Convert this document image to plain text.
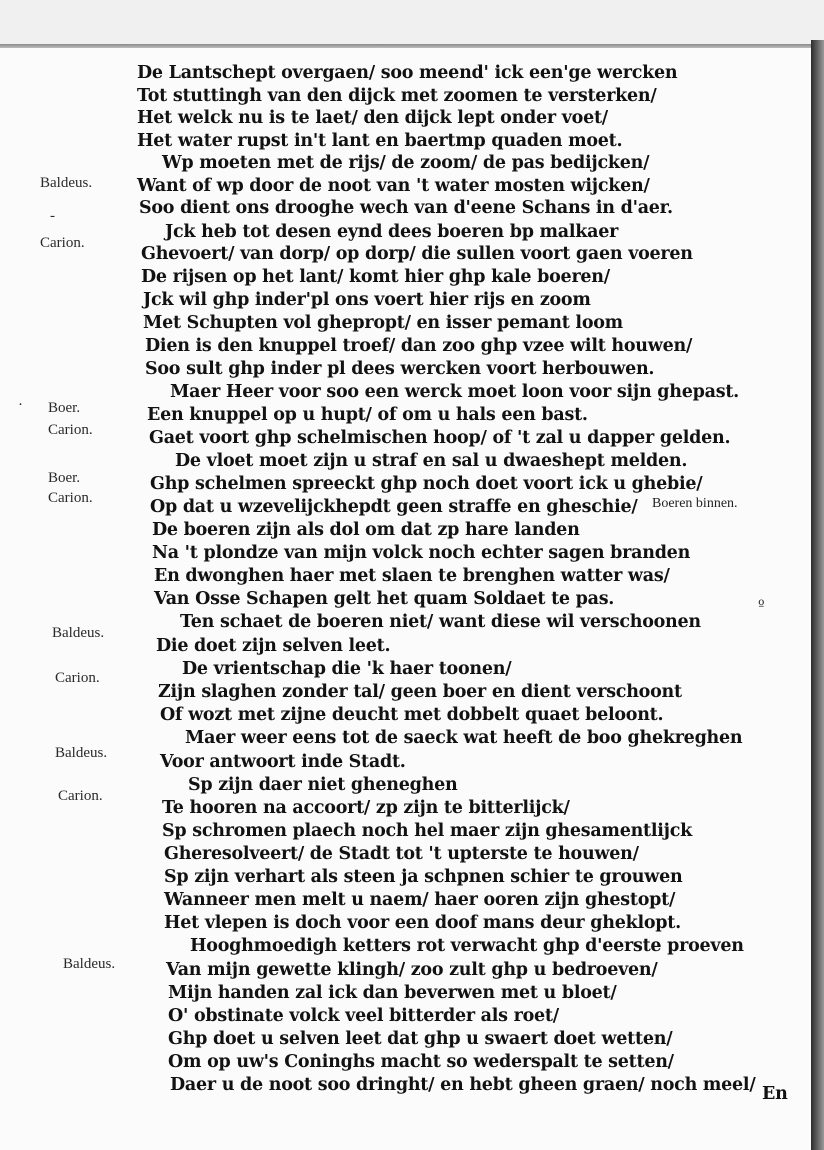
Baldeus.
-
Carion.
· Boer.
Carion.
Boer.
Carion.
Baldeus.
Carion.
Baldeus.
Carion.
Baldeus.
De Lantschept overgaen/ soo meend' ick een'ge wercken
Tot stuttingh van den dijck met zoomen te versterken/
Het welck nu is te laet/ den dijck lept onder voet/
Het water rupst in't lant en baertmp quaden moet.
Wp moeten met de rijs/ de zoom/ de pas bedijcken/
Want of wp door de noot van 't water mosten wijcken/
Soo dient ons drooghe wech van d'eene Schans in d'aer.
Jck heb tot desen eynd dees boeren bp malkaer
Ghevoert/ van dorp/ op dorp/ die sullen voort gaen voeren
De rijsen op het lant/ komt hier ghp kale boeren/
Jck wil ghp inder'pl ons voert hier rijs en zoom
Met Schupten vol ghepropt/ en isser pemant loom
Dien is den knuppel troef/ dan zoo ghp vzee wilt houwen/
Soo sult ghp inder pl dees wercken voort herbouwen.
Maer Heer voor soo een werck moet loon voor sijn ghepast.
Een knuppel op u hupt/ of om u hals een bast.
Gaet voort ghp schelmischen hoop/ of 't zal u dapper gelden.
De vloet moet zijn u straf en sal u dwaeshept melden.
Ghp schelmen spreeckt ghp noch doet voort ick u ghebie/
Op dat u wzevelijckhepdt geen straffe en gheschie/ Boeren binnen.
De boeren zijn als dol om dat zp hare landen
Na 't plondze van mijn volck noch echter sagen branden
En dwonghen haer met slaen te brenghen watter was/
Van Osse Schapen gelt het quam Soldaet te pas.	º
Ten schaet de boeren niet/ want diese wil verschoonen
Die doet zijn selven leet.
De vrientschap die 'k haer toonen/
Zijn slaghen zonder tal/ geen boer en dient verschoont
Of wozt met zijne deucht met dobbelt quaet beloont.
Maer weer eens tot de saeck wat heeft de boo ghekreghen
Voor antwoort inde Stadt.
Sp zijn daer niet gheneghen
Te hooren na accoort/ zp zijn te bitterlijck/
Sp schromen plaech noch hel maer zijn ghesamentlijck
Gheresolveert/ de Stadt tot 't upterste te houwen/
Sp zijn verhart als steen ja schpnen schier te grouwen
Wanneer men melt u naem/ haer ooren zijn ghestopt/
Het vlepen is doch voor een doof mans deur gheklopt.
Hooghmoedigh ketters rot verwacht ghp d'eerste proeven
Van mijn gewette klingh/ zoo zult ghp u bedroeven/
Mijn handen zal ick dan beverwen met u bloet/
O' obstinate volck veel bitterder als roet/
Ghp doet u selven leet dat ghp u swaert doet wetten/
Om op uw's Coninghs macht so wederspalt te setten/
Daer u de noot soo dringht/ en hebt gheen graen/ noch meel/ En
